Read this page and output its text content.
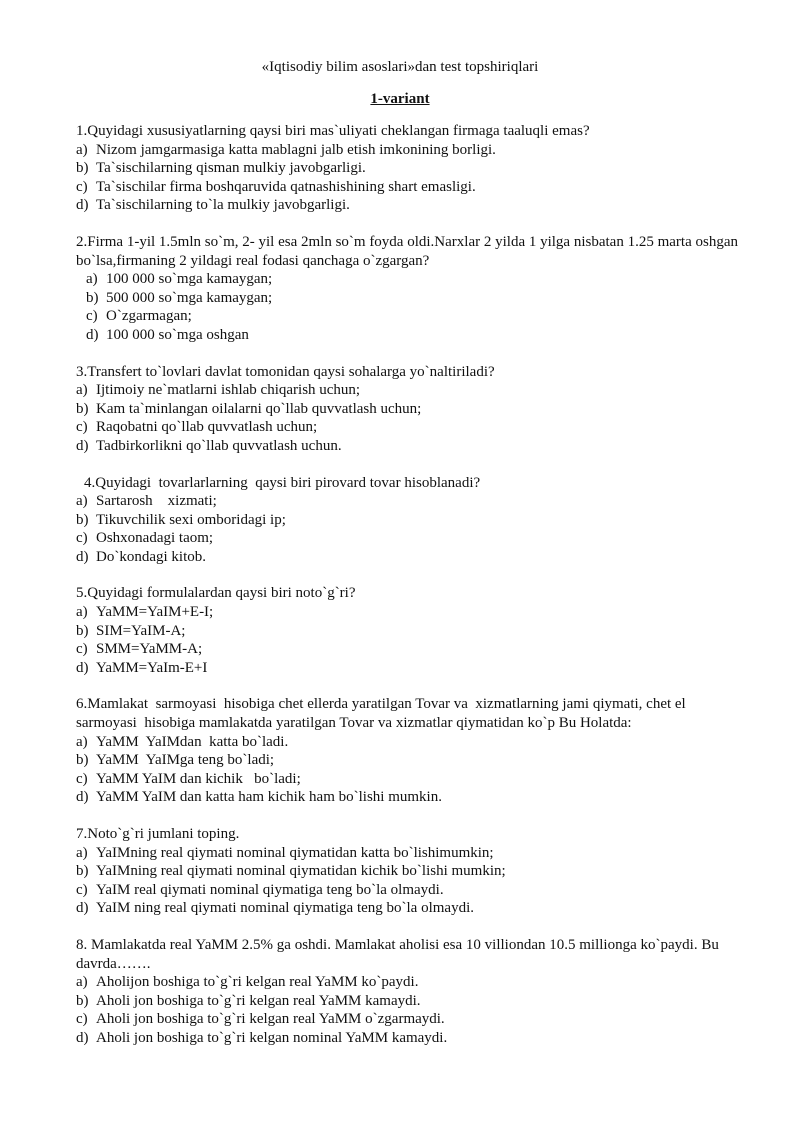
«Iqtisodiy bilim asoslari»dan test topshiriqlari
1-variant

1.Quyidagi xususiyatlarning qaysi biri mas`uliyati cheklangan firmaga taaluqli emas?

a) Nizom jamgarmasiga katta mablagni jalb etish imkonining borligi.
b) Ta`sischilarning qisman mulkiy javobgarligi.
c) Ta`sischilar firma boshqaruvida qatnashishining shart emasligi.
d) Ta`sischilarning to`la mulkiy javobgarligi.

2.Firma 1-yil 1.5mln so`m, 2- yil esa 2mln so`m foyda oldi.Narxlar 2 yilda 1 yilga nisbatan 1.25 marta oshgan bo`lsa,firmaning 2 yildagi real fodasi qanchaga o`zgargan?

a) 100 000 so`mga kamaygan;
b) 500 000 so`mga kamaygan;
c) O`zgarmagan;
d) 100 000 so`mga oshgan

3.Transfert to`lovlari davlat tomonidan qaysi sohalarga yo`naltiriladi?

a) Ijtimoiy ne`matlarni ishlab chiqarish uchun;
b) Kam ta`minlangan oilalarni qo`llab quvvatlash uchun;
c) Raqobatni qo`llab quvvatlash uchun;
d) Tadbirkorlikni qo`llab quvvatlash uchun.

4.Quyidagi  tovarlarlarning  qaysi biri pirovard tovar hisoblanadi?

a) Sartarosh    xizmati;
b) Tikuvchilik sexi omboridagi ip;
c) Oshxonadagi taom;
d) Do`kondagi kitob.

5.Quyidagi formulalardan qaysi biri noto`g`ri?

a) YaMM=YaIM+E-I;
b) SIM=YaIM-A;
c) SMM=YaMM-A;
d) YaMM=YaIm-E+I

6.Mamlakat  sarmoyasi  hisobiga chet ellerda yaratilgan Tovar va  xizmatlarning jami qiymati, chet el sarmoyasi  hisobiga mamlakatda yaratilgan Tovar va xizmatlar qiymatidan ko`p Bu Holatda:

a) YaMM  YaIMdan  katta bo`ladi.
b) YaMM  YaIMga teng bo`ladi;
c) YaMM YaIM dan kichik   bo`ladi;
d) YaMM YaIM dan katta ham kichik ham bo`lishi mumkin.

7.Noto`g`ri jumlani toping.

a) YaIMning real qiymati nominal qiymatidan katta bo`lishimumkin;
b) YaIMning real qiymati nominal qiymatidan kichik bo`lishi mumkin;
c) YaIM real qiymati nominal qiymatiga teng bo`la olmaydi.
d) YaIM ning real qiymati nominal qiymatiga teng bo`la olmaydi.

8. Mamlakatda real YaMM 2.5% ga oshdi. Mamlakat aholisi esa 10 villiondan 10.5 millionga ko`paydi. Bu davrda…….

a) Aholijon boshiga to`g`ri kelgan real YaMM ko`paydi.
b) Aholi jon boshiga to`g`ri kelgan real YaMM kamaydi.
c) Aholi jon boshiga to`g`ri kelgan real YaMM o`zgarmaydi.
d) Aholi jon boshiga to`g`ri kelgan nominal YaMM kamaydi.
